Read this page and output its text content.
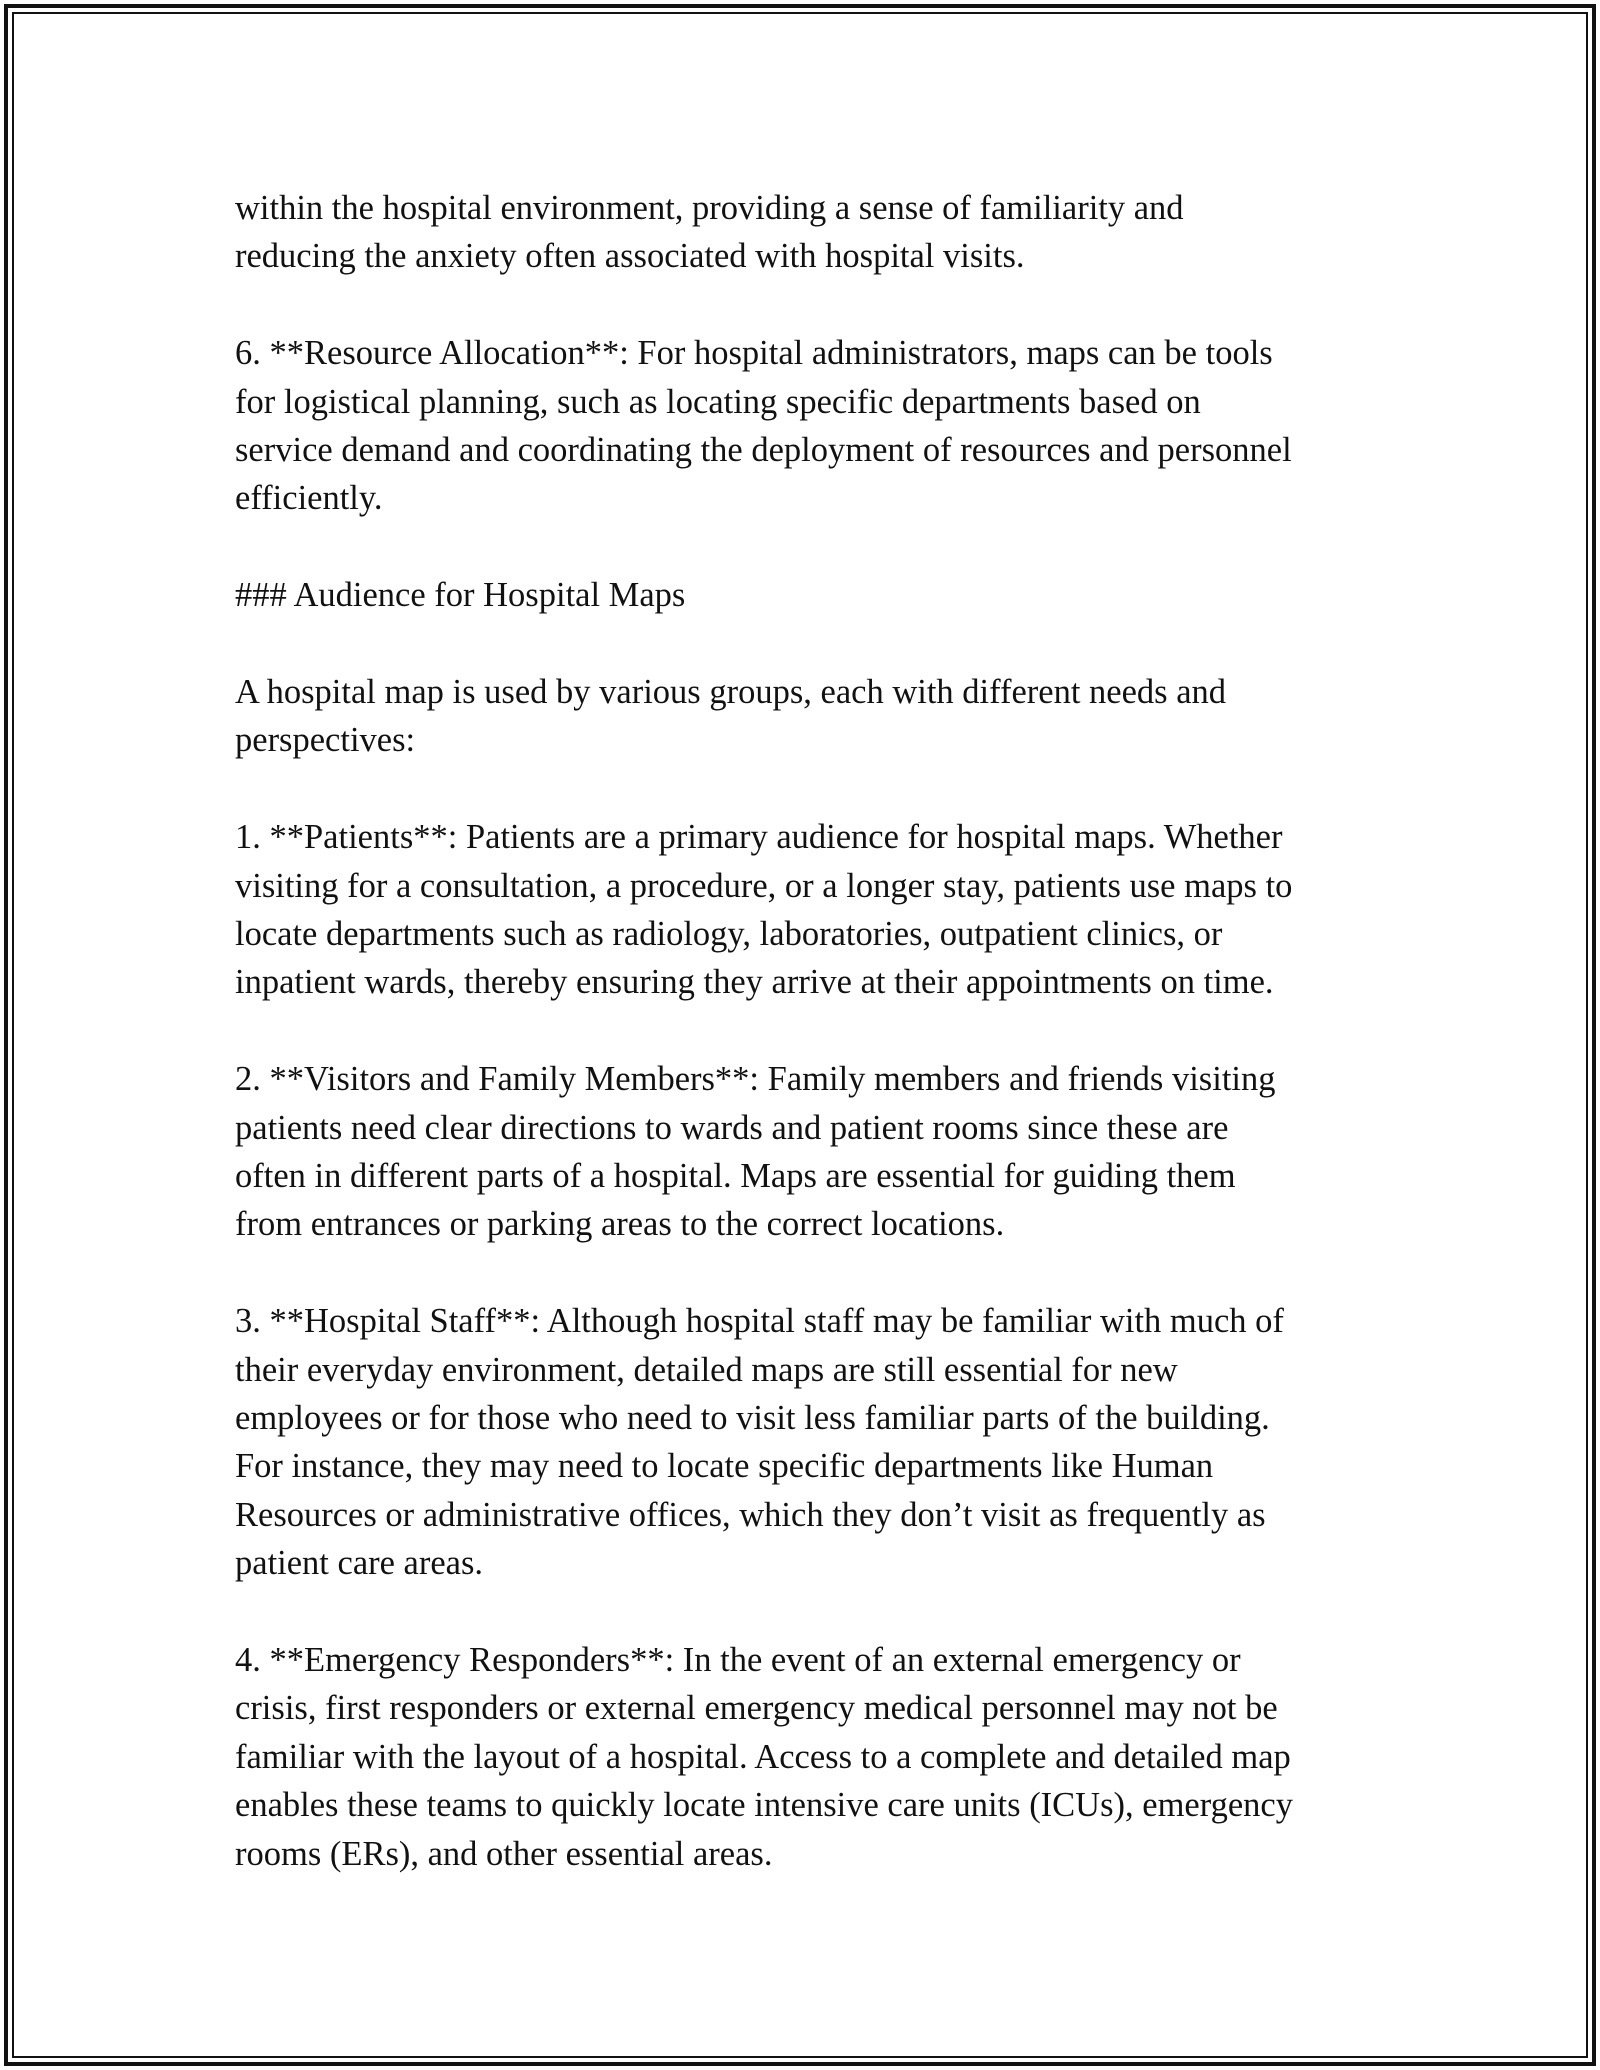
within the hospital environment, providing a sense of familiarity and
reducing the anxiety often associated with hospital visits.

6. **Resource Allocation**: For hospital administrators, maps can be tools
for logistical planning, such as locating specific departments based on
service demand and coordinating the deployment of resources and personnel
efficiently.

### Audience for Hospital Maps

A hospital map is used by various groups, each with different needs and
perspectives:

1. **Patients**: Patients are a primary audience for hospital maps. Whether
visiting for a consultation, a procedure, or a longer stay, patients use maps to
locate departments such as radiology, laboratories, outpatient clinics, or
inpatient wards, thereby ensuring they arrive at their appointments on time.

2. **Visitors and Family Members**: Family members and friends visiting
patients need clear directions to wards and patient rooms since these are
often in different parts of a hospital. Maps are essential for guiding them
from entrances or parking areas to the correct locations.

3. **Hospital Staff**: Although hospital staff may be familiar with much of
their everyday environment, detailed maps are still essential for new
employees or for those who need to visit less familiar parts of the building.
For instance, they may need to locate specific departments like Human
Resources or administrative offices, which they don’t visit as frequently as
patient care areas.

4. **Emergency Responders**: In the event of an external emergency or
crisis, first responders or external emergency medical personnel may not be
familiar with the layout of a hospital. Access to a complete and detailed map
enables these teams to quickly locate intensive care units (ICUs), emergency
rooms (ERs), and other essential areas.
